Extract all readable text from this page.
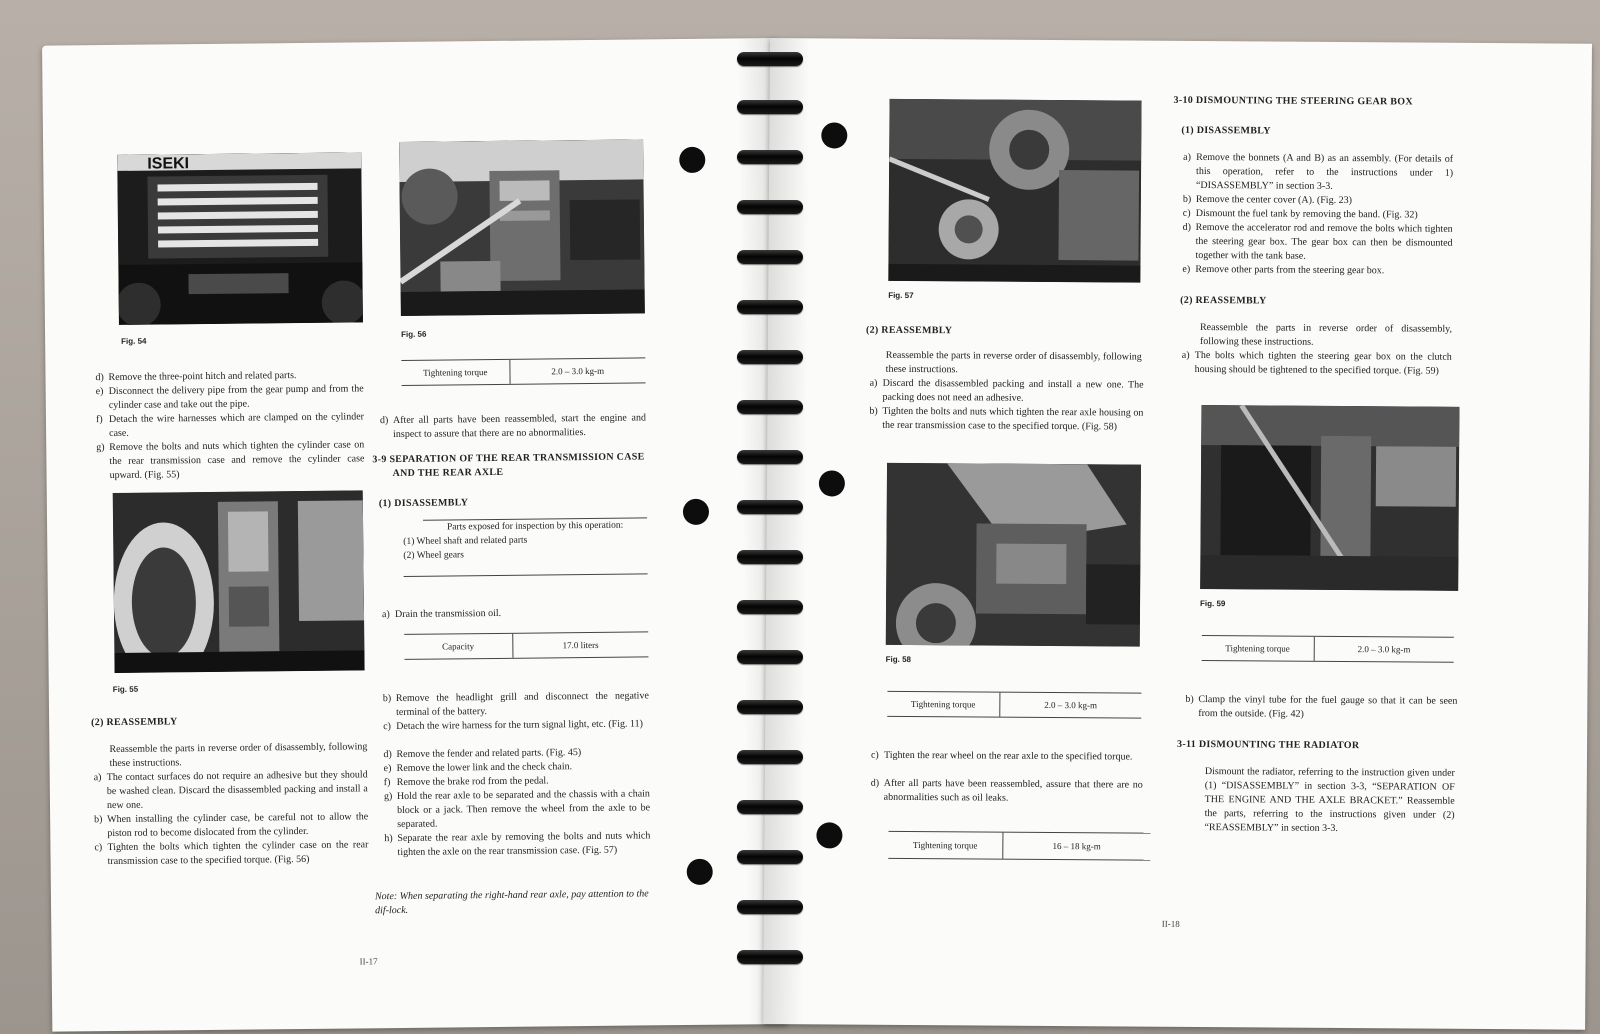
ISEKI
Fig. 54
Fig. 56
Tightening torque	2.0 – 3.0 kg-m
d) Remove the three-point hitch and related parts.
e) Disconnect the delivery pipe from the gear pump and from the cylinder case and take out the pipe.
f) Detach the wire harnesses which are clamped on the cylinder case.
g) Remove the bolts and nuts which tighten the cylinder case on the rear transmission case and remove the cylinder case upward. (Fig. 55)
Fig. 55
(2) REASSEMBLY
Reassemble the parts in reverse order of disassembly, following these instructions.
a) The contact surfaces do not require an adhesive but they should be washed clean. Discard the disassembled packing and install a new one.
b) When installing the cylinder case, be careful not to allow the piston rod to become dislocated from the cylinder.
c) Tighten the bolts which tighten the cylinder case on the rear transmission case to the specified torque. (Fig. 56)
d) After all parts have been reassembled, start the engine and inspect to assure that there are no abnormalities.
3-9 SEPARATION OF THE REAR TRANSMISSION CASE
AND THE REAR AXLE
(1) DISASSEMBLY
Parts exposed for inspection by this operation:
(1) Wheel shaft and related parts
(2) Wheel gears
a) Drain the transmission oil.
Capacity	17.0 liters
b) Remove the headlight grill and disconnect the negative terminal of the battery.
c) Detach the wire harness for the turn signal light, etc. (Fig. 11)
d) Remove the fender and related parts. (Fig. 45)
e) Remove the lower link and the check chain.
f) Remove the brake rod from the pedal.
g) Hold the rear axle to be separated and the chassis with a chain block or a jack. Then remove the wheel from the axle to be separated.
h) Separate the rear axle by removing the bolts and nuts which tighten the axle on the rear transmission case. (Fig. 57)
Note: When separating the right-hand rear axle, pay attention to the dif-lock.
II-17
Fig. 57
(2) REASSEMBLY
Reassemble the parts in reverse order of disassembly, following these instructions.
a) Discard the disassembled packing and install a new one. The packing does not need an adhesive.
b) Tighten the bolts and nuts which tighten the rear axle housing on the rear transmission case to the specified torque. (Fig. 58)
Fig. 58
Tightening torque	2.0 – 3.0 kg-m
c) Tighten the rear wheel on the rear axle to the specified torque.
d) After all parts have been reassembled, assure that there are no abnormalities such as oil leaks.
Tightening torque	16 – 18 kg-m
3-10 DISMOUNTING THE STEERING GEAR BOX
(1) DISASSEMBLY
a) Remove the bonnets (A and B) as an assembly. (For details of this operation, refer to the instructions under 1) “DISASSEMBLY” in section 3-3.
b) Remove the center cover (A). (Fig. 23)
c) Dismount the fuel tank by removing the band. (Fig. 32)
d) Remove the accelerator rod and remove the bolts which tighten the steering gear box. The gear box can then be dismounted together with the tank base.
e) Remove other parts from the steering gear box.
(2) REASSEMBLY
Reassemble the parts in reverse order of disassembly, following these instructions.
a) The bolts which tighten the steering gear box on the clutch housing should be tightened to the specified torque. (Fig. 59)
Fig. 59
Tightening torque	2.0 – 3.0 kg-m
b) Clamp the vinyl tube for the fuel gauge so that it can be seen from the outside. (Fig. 42)
3-11 DISMOUNTING THE RADIATOR
Dismount the radiator, referring to the instruction given under (1) “DISASSEMBLY” in section 3-3, “SEPARATION OF THE ENGINE AND THE AXLE BRACKET.” Reassemble the parts, referring to the instructions given under (2) “REASSEMBLY” in section 3-3.
II-18
